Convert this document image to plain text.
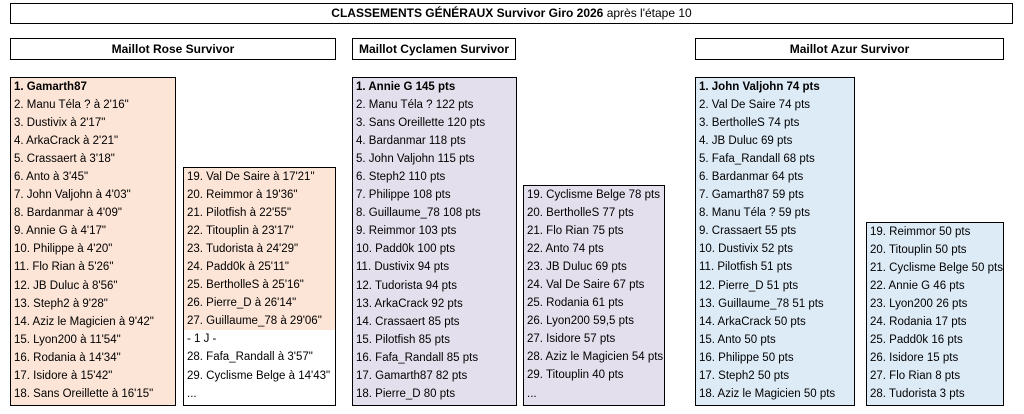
CLASSEMENTS GÉNÉRAUX Survivor Giro 2026 après l'étape 10
Maillot Rose Survivor	Maillot Cyclamen Survivor	Maillot Azur Survivor
1. Gamarth87
2. Manu Téla ? à 2'16"
3. Dustivix à 2'17"
4. ArkaCrack à 2'21"
5. Crassaert à 3'18"
6. Anto à 3'45"
7. John Valjohn à 4'03"
8. Bardanmar à 4'09"
9. Annie G à 4'17"
10. Philippe à 4'20"
11. Flo Rian à 5'26"
12. JB Duluc à 8'56"
13. Steph2 à 9'28"
14. Aziz le Magicien à 9'42"
15. Lyon200 à 11'54"
16. Rodania à 14'34"
17. Isidore à 15'42"
18. Sans Oreillette à 16'15"
19. Val De Saire à 17'21"
20. Reimmor à 19'36"
21. Pilotfish à 22'55"
22. Titouplin à 23'17"
23. Tudorista à 24'29"
24. Padd0k à 25'11"
25. BertholleS à 25'16"
26. Pierre_D à 26'14"
27. Guillaume_78 à 29'06"
- 1 J -
28. Fafa_Randall à 3'57"
29. Cyclisme Belge à 14'43"
...
1. Annie G 145 pts
2. Manu Téla ? 122 pts
3. Sans Oreillette 120 pts
4. Bardanmar 118 pts
5. John Valjohn 115 pts
6. Steph2 110 pts
7. Philippe 108 pts
8. Guillaume_78 108 pts
9. Reimmor 103 pts
10. Padd0k 100 pts
11. Dustivix 94 pts
12. Tudorista 94 pts
13. ArkaCrack 92 pts
14. Crassaert 85 pts
15. Pilotfish 85 pts
16. Fafa_Randall 85 pts
17. Gamarth87 82 pts
18. Pierre_D 80 pts
19. Cyclisme Belge 78 pts
20. BertholleS 77 pts
21. Flo Rian 75 pts
22. Anto 74 pts
23. JB Duluc 69 pts
24. Val De Saire 67 pts
25. Rodania 61 pts
26. Lyon200 59,5 pts
27. Isidore 57 pts
28. Aziz le Magicien 54 pts
29. Titouplin 40 pts
...
1. John Valjohn 74 pts
2. Val De Saire 74 pts
3. BertholleS 74 pts
4. JB Duluc 69 pts
5. Fafa_Randall 68 pts
6. Bardanmar 64 pts
7. Gamarth87 59 pts
8. Manu Téla ? 59 pts
9. Crassaert 55 pts
10. Dustivix 52 pts
11. Pilotfish 51 pts
12. Pierre_D 51 pts
13. Guillaume_78 51 pts
14. ArkaCrack 50 pts
15. Anto 50 pts
16. Philippe 50 pts
17. Steph2 50 pts
18. Aziz le Magicien 50 pts
19. Reimmor 50 pts
20. Titouplin 50 pts
21. Cyclisme Belge 50 pts
22. Annie G 46 pts
23. Lyon200 26 pts
24. Rodania 17 pts
25. Padd0k 16 pts
26. Isidore 15 pts
27. Flo Rian 8 pts
28. Tudorista 3 pts
